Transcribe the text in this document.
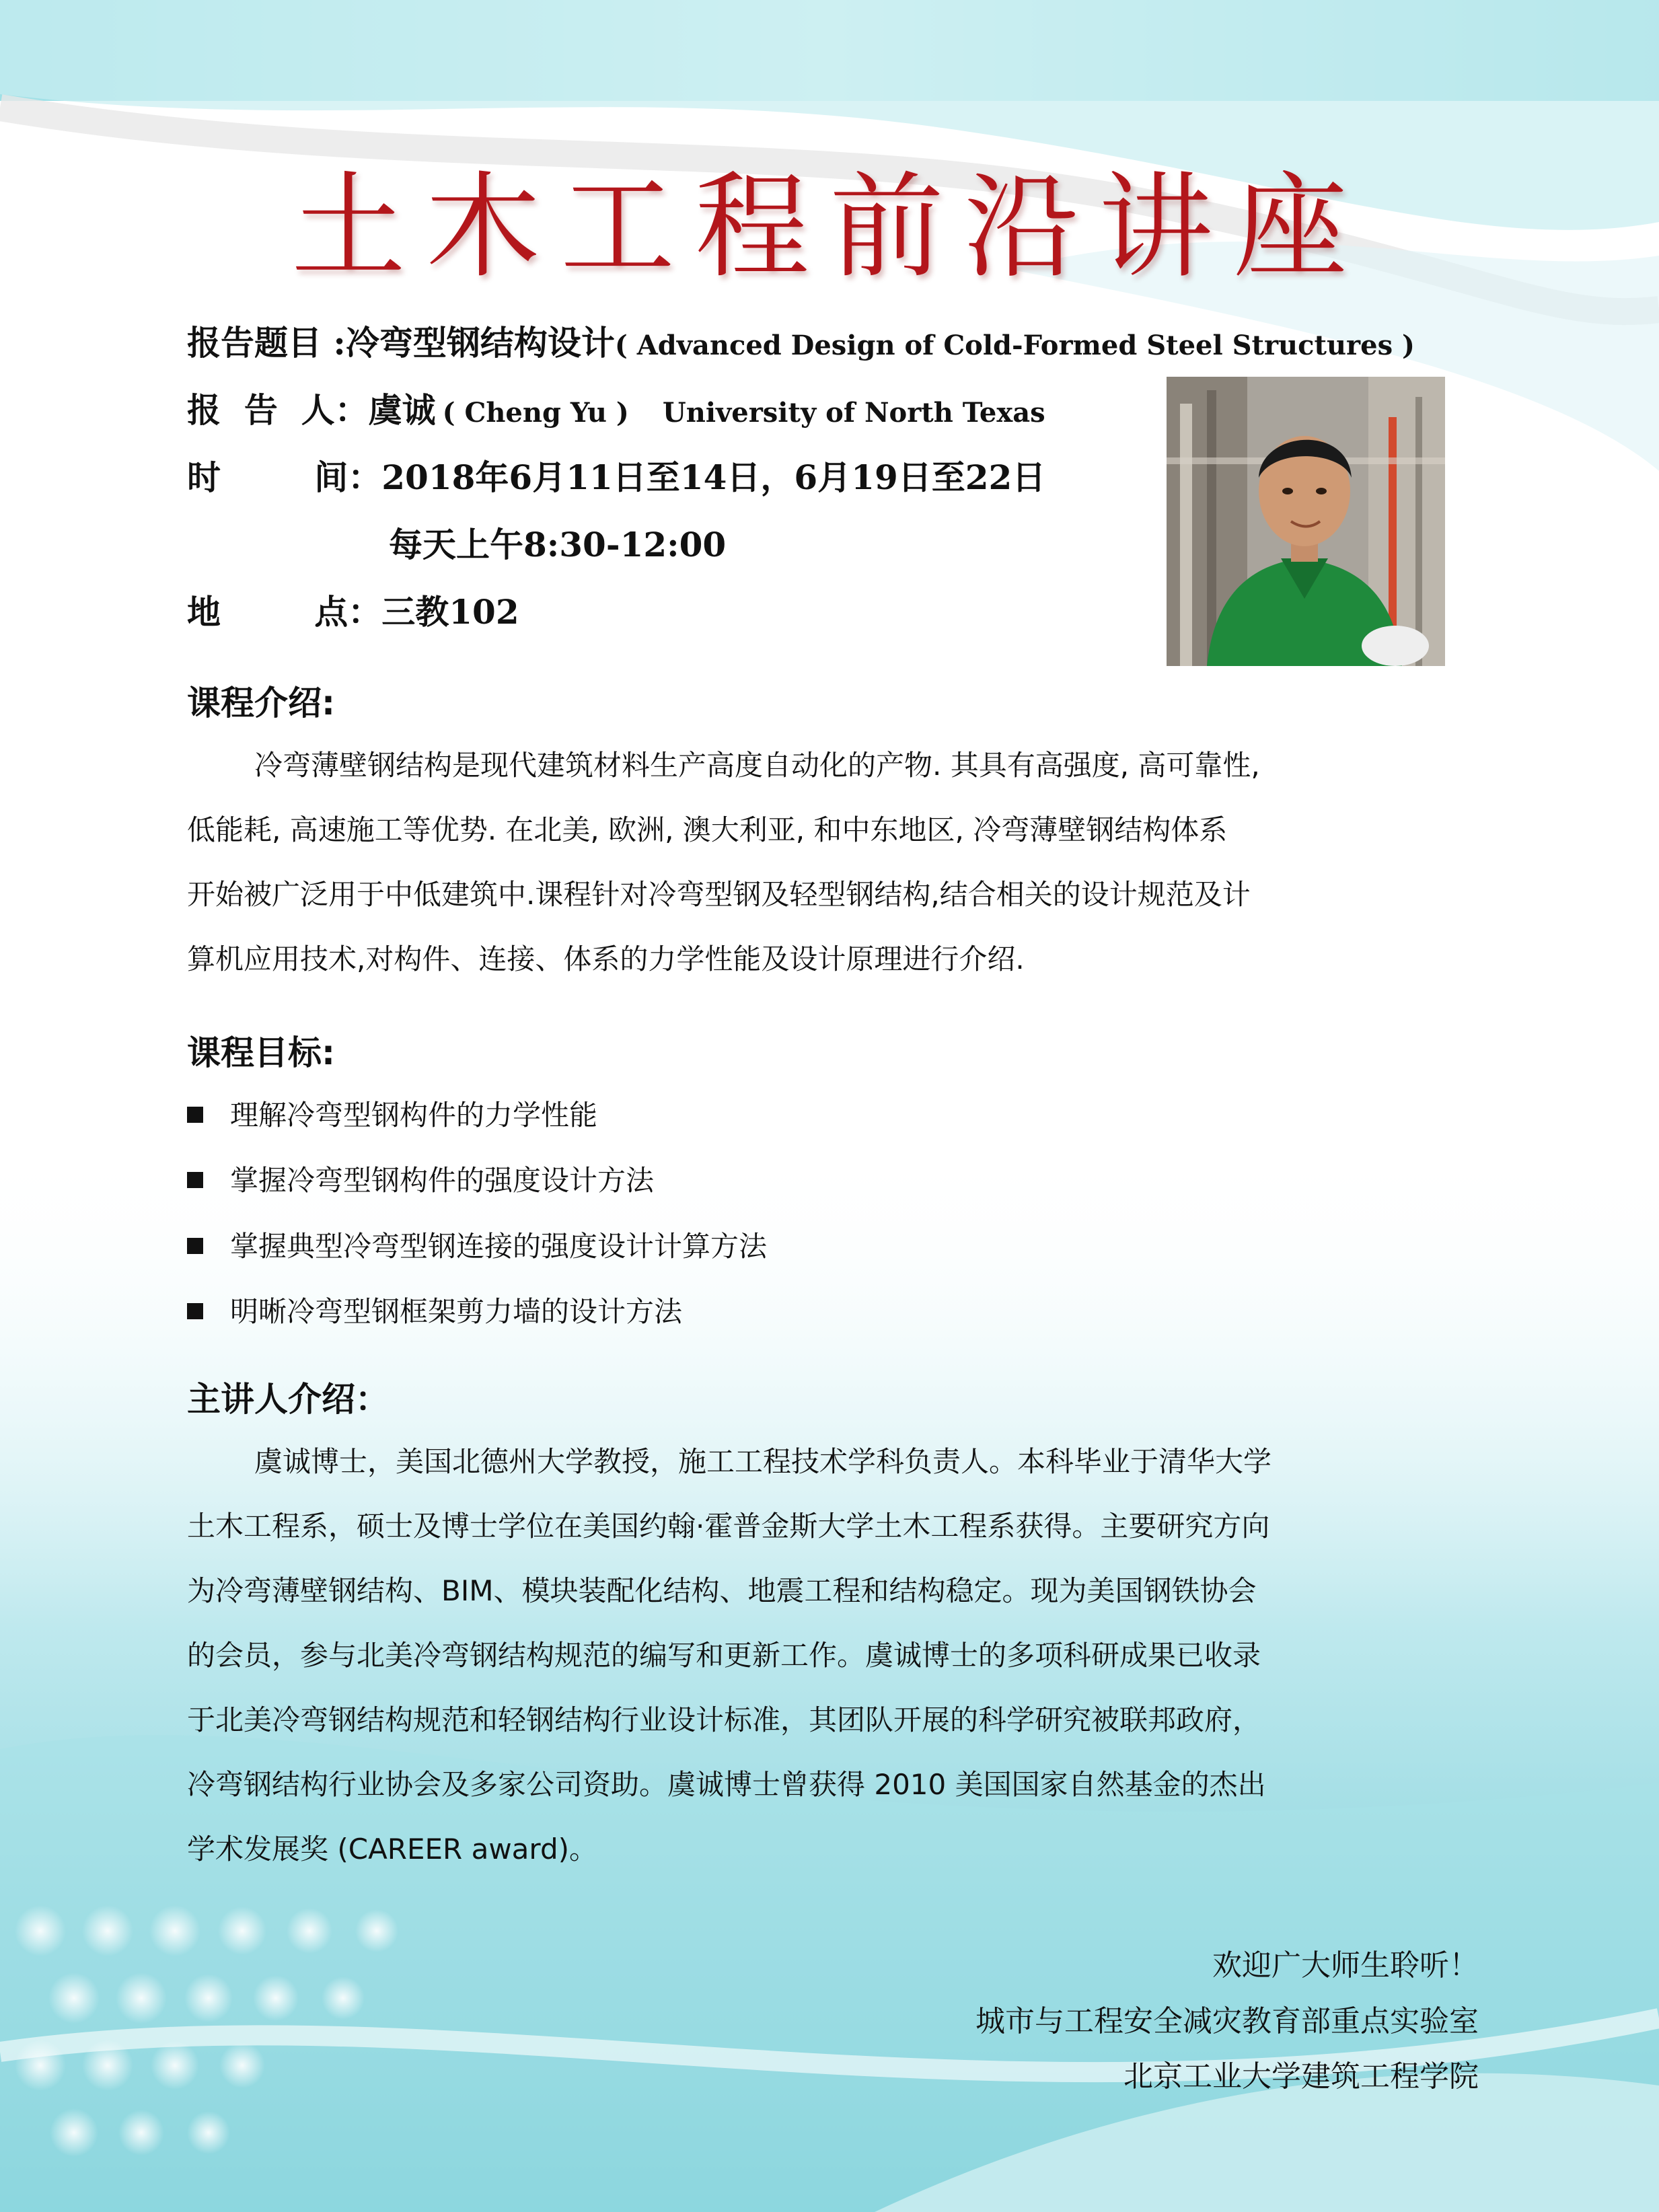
土木工程前沿讲座
报告题目 :冷弯型钢结构设计( Advanced Design of Cold-Formed Steel Structures )
报  告  人：虞诚 ( Cheng Yu ) University of North Texas
时        间：2018年6月11日至14日，6月19日至22日
每天上午8:30-12:00
地        点：三教102
课程介绍:
冷弯薄壁钢结构是现代建筑材料生产高度自动化的产物. 其具有高强度, 高可靠性,
低能耗, 高速施工等优势. 在北美, 欧洲, 澳大利亚, 和中东地区, 冷弯薄壁钢结构体系
开始被广泛用于中低建筑中.课程针对冷弯型钢及轻型钢结构,结合相关的设计规范及计
算机应用技术,对构件、连接、体系的力学性能及设计原理进行介绍.
课程目标:
理解冷弯型钢构件的力学性能
掌握冷弯型钢构件的强度设计方法
掌握典型冷弯型钢连接的强度设计计算方法
明晰冷弯型钢框架剪力墙的设计方法
主讲人介绍：
虞诚博士，美国北德州大学教授，施工工程技术学科负责人。本科毕业于清华大学
土木工程系，硕士及博士学位在美国约翰·霍普金斯大学土木工程系获得。主要研究方向
为冷弯薄壁钢结构、BIM、模块装配化结构、地震工程和结构稳定。现为美国钢铁协会
的会员，参与北美冷弯钢结构规范的编写和更新工作。虞诚博士的多项科研成果已收录
于北美冷弯钢结构规范和轻钢结构行业设计标准，其团队开展的科学研究被联邦政府，
冷弯钢结构行业协会及多家公司资助。虞诚博士曾获得 2010 美国国家自然基金的杰出
学术发展奖 (CAREER award)。
欢迎广大师生聆听！
城市与工程安全减灾教育部重点实验室
北京工业大学建筑工程学院
